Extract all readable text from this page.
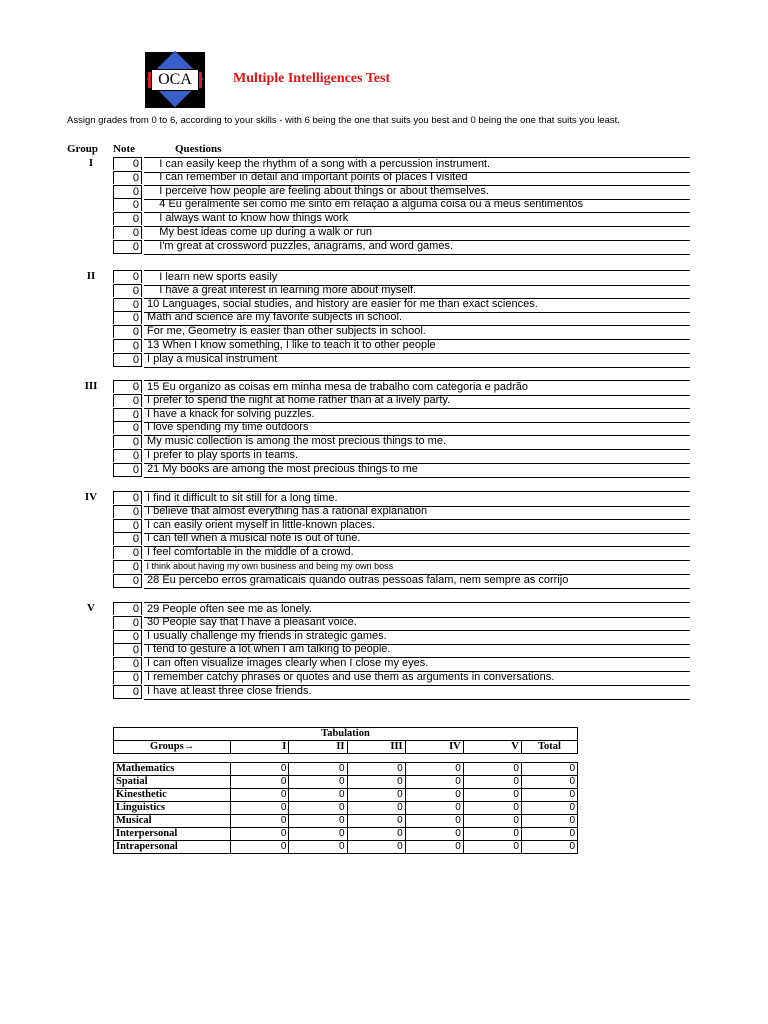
OCA	Multiple Intelligences Test
Assign grades from 0 to 6, according to your skills - with 6 being the one that suits you best and 0 being the one that suits you least.
Group Note	Questions
I	0 I can easily keep the rhythm of a song with a percussion instrument.
0 I can remember in detail and important points of places I visited
0 I perceive how people are feeling about things or about themselves.
0 4 Eu geralmente sei como me sinto em relação a alguma coisa ou a meus sentimentos
0 I always want to know how things work
0 My best ideas come up during a walk or run
0 I'm great at crossword puzzles, anagrams, and word games.
II	0 I learn new sports easily
0 I have a great interest in learning more about myself.
0 10 Languages, social studies, and history are easier for me than exact sciences.
0 Math and science are my favorite subjects in school.
0 For me, Geometry is easier than other subjects in school.
0 13 When I know something, I like to teach it to other people
0 I play a musical instrument
III	0 15 Eu organizo as coisas em minha mesa de trabalho com categoria e padrão
0 I prefer to spend the night at home rather than at a lively party.
0 I have a knack for solving puzzles.
0 I love spending my time outdoors
0 My music collection is among the most precious things to me.
0 I prefer to play sports in teams.
0 21 My books are among the most precious things to me
IV	0 I find it difficult to sit still for a long time.
0 I believe that almost everything has a rational explanation
0 I can easily orient myself in little-known places.
0 I can tell when a musical note is out of tune.
0 I feel comfortable in the middle of a crowd.
0 I think about having my own business and being my own boss
0 28 Eu percebo erros gramaticais quando outras pessoas falam, nem sempre as corrijo
V	0 29 People often see me as lonely.
0 30 People say that I have a pleasant voice.
0 I usually challenge my friends in strategic games.
0 I tend to gesture a lot when I am talking to people.
0 I can often visualize images clearly when I close my eyes.
0 I remember catchy phrases or quotes and use them as arguments in conversations.
0 I have at least three close friends.
Tabulation						
Groups→	I	II	III	IV	V	Total

Mathematics	0	0	0	0	0	0
Spatial	0	0	0	0	0	0
Kinesthetic	0	0	0	0	0	0
Linguistics	0	0	0	0	0	0
Musical	0	0	0	0	0	0
Interpersonal	0	0	0	0	0	0
Intrapersonal	0	0	0	0	0	0
